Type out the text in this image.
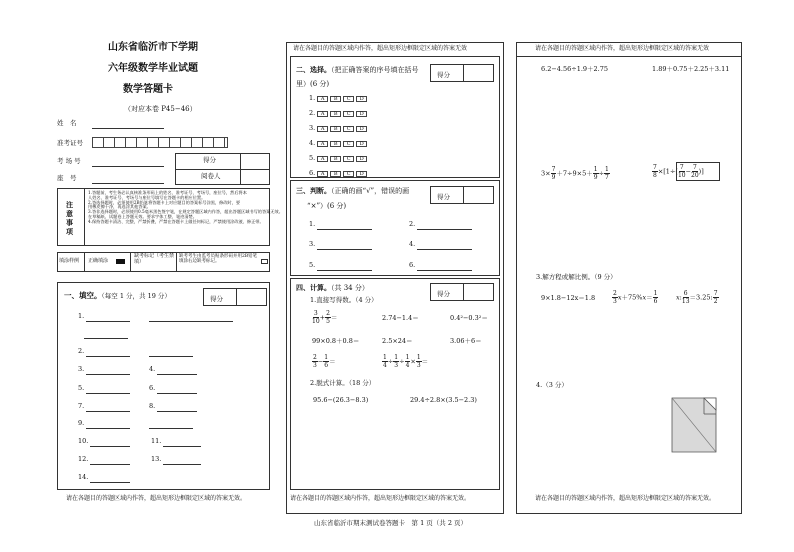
山东省临沂市下学期
六年级数学毕业试题
数学答题卡
（对应本卷 P45−46）
姓　名
准考证号
考 场 号
座　号
得分
阅卷人
注意事项
1.答题前，考生务必认真核准条形码上的姓名、准考证号、考场号，座位号，然后将本
人姓名、准考证号、考场号与座位号填写在答题卡的相应位置。
2.答选择题时，必须使用2B铅笔将答题卡上对应题目的答案标号涂黑，修改时，要
用橡皮擦干净，再选涂其他答案。
3.答非选择题时，必须使用0.5毫米黑色签字笔，在规定答题区域内作答，超出答题区域书写的答案无效。
在草稿纸、试题卷上答题无效。要求字体工整、笔迹清楚。
4.保持答题卡清洁、完整，严禁折叠，严禁在答题卡上做任何标记，严禁使用涂改液、修正带。
填涂样例 正确填涂
缺考标记（考生禁填）
缺考考生由监考员贴条形码并用2B铅笔填涂右边缺考标记。
一、填空。（每空 1 分，共 19 分）	得分
1.
2.
3.	4.
5.	6.
7.	8.
9.
10.	11.
12.	13.
14.
请在各题目的答题区域内作答，超出矩形边框限定区域的答案无效。
请在各题目的答题区域内作答，超出矩形边框限定区域的答案无效
二、选择。（把正确答案的序号填在括号
里）(6 分)
得分
1. A B C D
2. A B C D
3. A B C D
4. A B C D
5. A B C D
6. A B C D
三、判断。（正确的画“√”，错误的画
“×”）(6 分)
得分
1.	2.
3.	4.
5.	6.
四、计算。（共 34 分）
得分
1.直接写得数。（4 分）
$\frac{3}{10} + \frac{2}{5}$ ＝	2.74−1.4＝	0.4²−0.3²＝
99×0.8＋0.8＝	2.5×24＝	3.06＋6＝
$\frac{2}{3} - \frac{1}{6}$ ＝	$\frac{1}{4} \div \frac{1}{3} \div \frac{1}{4} \times \frac{1}{3}$ ＝
2.脱式计算。（18 分）
95.6−(26.3−8.3)	29.4÷2.8×(3.5−2.3)
请在各题目的答题区域内作答，超出矩形边框限定区域的答案无效。
请在各题目的答题区域内作答，超出矩形边框限定区域的答案无效
6.2−4.56÷1.9＋2.75	1.89＋0.75＋2.25＋3.11
$3\times \frac{7}{9} +7\div 9\times 5+ \frac{1}{9} \div \frac{1}{7}$	$\frac{7}{8} \times[1\div( \frac{7}{10} - \frac{7}{20}$ )]
3.解方程或解比例。（9 分）
9×1.8−12x＝1.8	$\frac{2}{3} x+75\%x= \frac{1}{6}$	x: $\frac{6}{13} =3.25$: $\frac{7}{2}$
4.（3 分）
请在各题目的答题区域内作答，超出矩形边框限定区域的答案无效。
山东省临沂市期末测试卷答题卡　第 1 页（共 2 页）
